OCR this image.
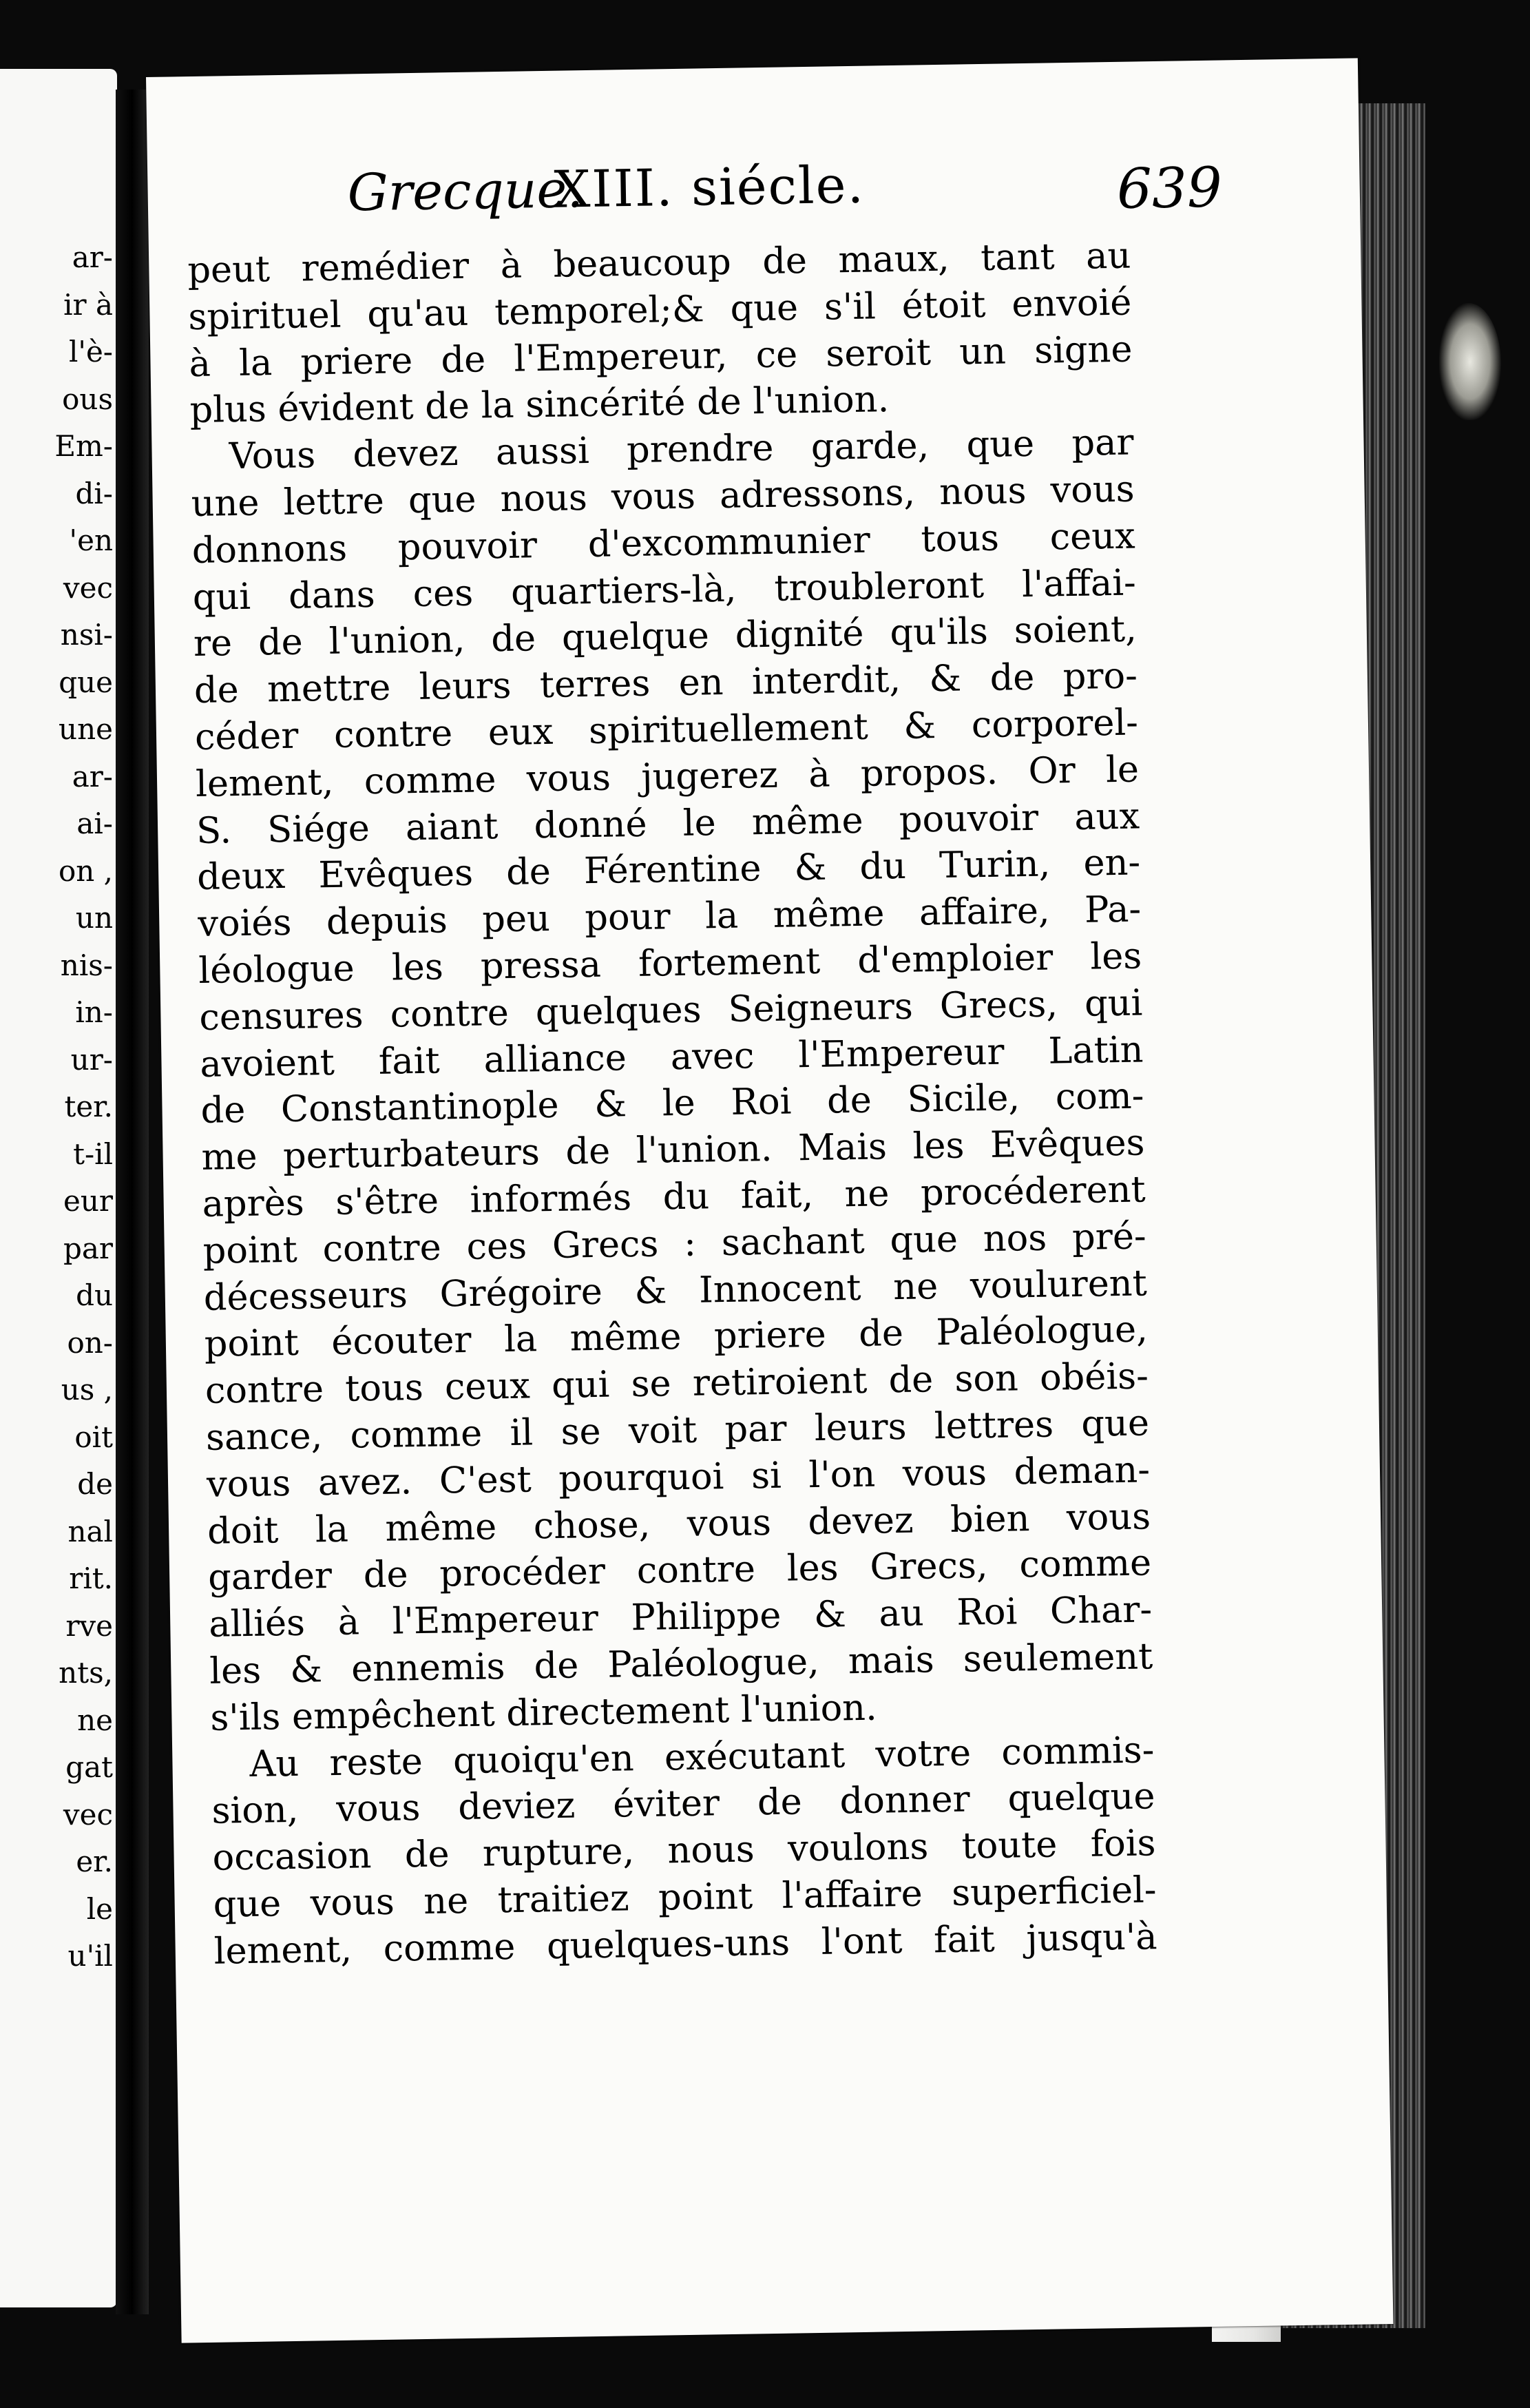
ar-
ir à
l'è-
ous
Em-
di-
'en
vec
nsi-
que
une
ar-
ai-
on ,
un
nis-
in-
ur-
ter.
t-il
eur
par
du
on-
us ,
oit
de
nal
rit.
rve
nts,
ne
gat
vec
er.
le
u'il
Grecque.
XIII. siécle.	639
peut remédier à beaucoup de maux, tant au
spirituel qu'au temporel;& que s'il étoit envoié
à la priere de l'Empereur, ce seroit un signe
plus évident de la sincérité de l'union.
Vous devez aussi prendre garde, que par
une lettre que nous vous adressons, nous vous
donnons pouvoir d'excommunier tous ceux
qui dans ces quartiers-là, troubleront l'affai-
re de l'union, de quelque dignité qu'ils soient,
de mettre leurs terres en interdit, & de pro-
céder contre eux spirituellement & corporel-
lement, comme vous jugerez à propos. Or le
S. Siége aiant donné le même pouvoir aux
deux Evêques de Férentine & du Turin, en-
voiés depuis peu pour la même affaire, Pa-
léologue les pressa fortement d'emploier les
censures contre quelques Seigneurs Grecs, qui
avoient fait alliance avec l'Empereur Latin
de Constantinople & le Roi de Sicile, com-
me perturbateurs de l'union. Mais les Evêques
après s'être informés du fait, ne procéderent
point contre ces Grecs : sachant que nos pré-
décesseurs Grégoire & Innocent ne voulurent
point écouter la même priere de Paléologue,
contre tous ceux qui se retiroient de son obéis-
sance, comme il se voit par leurs lettres que
vous avez. C'est pourquoi si l'on vous deman-
doit la même chose, vous devez bien vous
garder de procéder contre les Grecs, comme
alliés à l'Empereur Philippe & au Roi Char-
les & ennemis de Paléologue, mais seulement
s'ils empêchent directement l'union.
Au reste quoiqu'en exécutant votre commis-
sion, vous deviez éviter de donner quelque
occasion de rupture, nous voulons toute fois
que vous ne traitiez point l'affaire superficiel-
lement, comme quelques-uns l'ont fait jusqu'à
